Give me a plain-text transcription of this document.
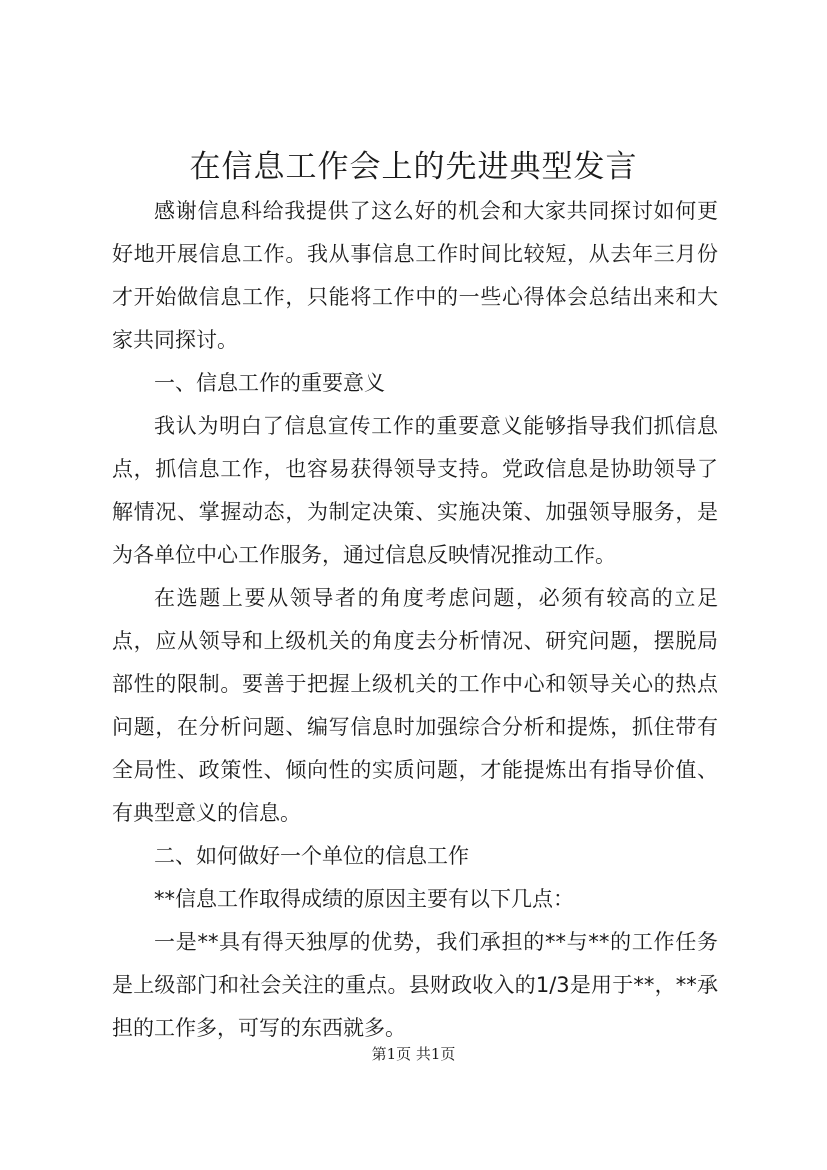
在信息工作会上的先进典型发言

感谢信息科给我提供了这么好的机会和大家共同探讨如何更好地开展信息工作。我从事信息工作时间比较短，从去年三月份才开始做信息工作，只能将工作中的一些心得体会总结出来和大家共同探讨。

一、信息工作的重要意义

我认为明白了信息宣传工作的重要意义能够指导我们抓信息点，抓信息工作，也容易获得领导支持。党政信息是协助领导了解情况、掌握动态，为制定决策、实施决策、加强领导服务，是为各单位中心工作服务，通过信息反映情况推动工作。

在选题上要从领导者的角度考虑问题，必须有较高的立足点，应从领导和上级机关的角度去分析情况、研究问题，摆脱局部性的限制。要善于把握上级机关的工作中心和领导关心的热点问题，在分析问题、编写信息时加强综合分析和提炼，抓住带有全局性、政策性、倾向性的实质问题，才能提炼出有指导价值、有典型意义的信息。

二、如何做好一个单位的信息工作

**信息工作取得成绩的原因主要有以下几点：

一是**具有得天独厚的优势，我们承担的**与**的工作任务是上级部门和社会关注的重点。县财政收入的1/3是用于**，**承担的工作多，可写的东西就多。

第1页 共1页
